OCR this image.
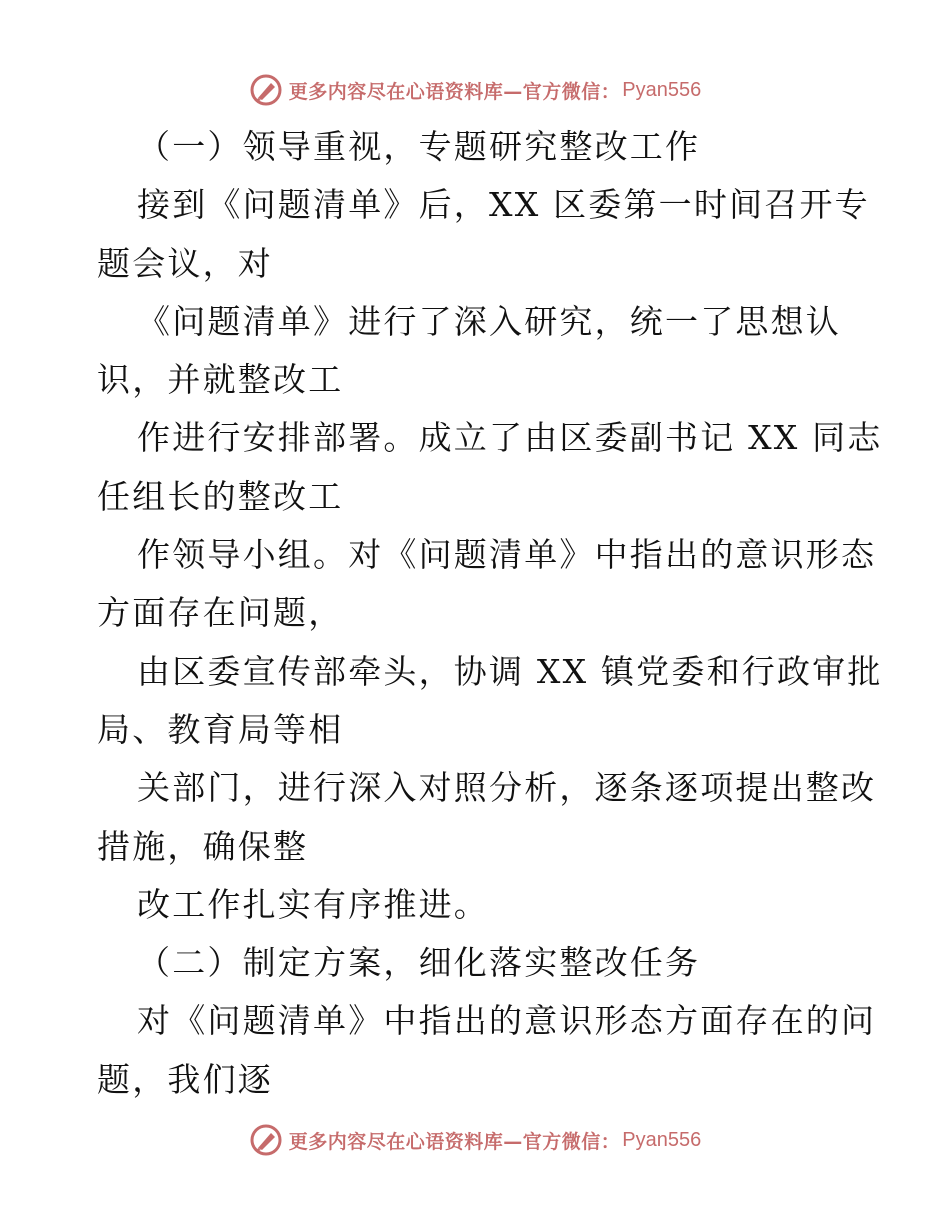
更多内容尽在心语资料库—官方微信： Pyan556
（一）领导重视，专题研究整改工作
接到《问题清单》后，XX 区委第一时间召开专
题会议，对
《问题清单》进行了深入研究，统一了思想认
识，并就整改工
作进行安排部署。成立了由区委副书记 XX 同志
任组长的整改工
作领导小组。对《问题清单》中指出的意识形态
方面存在问题，
由区委宣传部牵头，协调 XX 镇党委和行政审批
局、教育局等相
关部门，进行深入对照分析，逐条逐项提出整改
措施，确保整
改工作扎实有序推进。
（二）制定方案，细化落实整改任务
对《问题清单》中指出的意识形态方面存在的问
题，我们逐
更多内容尽在心语资料库—官方微信： Pyan556
